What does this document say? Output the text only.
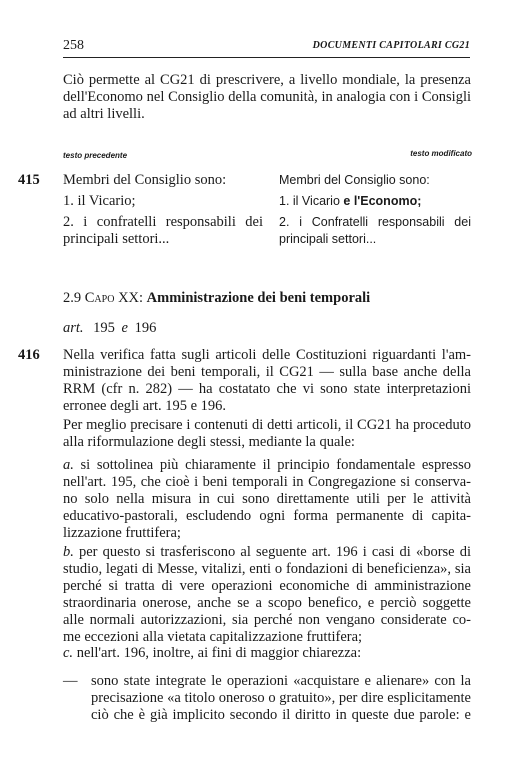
258	DOCUMENTI CAPITOLARI CG21
Ciò permette al CG21 di prescrivere, a livello mondiale, la presenza
dell'Economo nel Consiglio della comunità, in analogia con i Consigli
ad altri livelli.
testo precedente	testo modificato
415 Membri del Consiglio sono:
1. il Vicario;
2. i confratelli responsabili dei
principali settori...
Membri del Consiglio sono:
1. il Vicario e l'Economo;
2. i Confratelli responsabili dei
principali settori...
2.9 Capo XX: Amministrazione dei beni temporali
art. 195 e 196
416 Nella verifica fatta sugli articoli delle Costituzioni riguardanti l'am-
ministrazione dei beni temporali, il CG21 — sulla base anche della
RRM (cfr n. 282) — ha costatato che vi sono state interpretazioni
erronee degli art. 195 e 196.
Per meglio precisare i contenuti di detti articoli, il CG21 ha proceduto
alla riformulazione degli stessi, mediante la quale:
a. si sottolinea più chiaramente il principio fondamentale espresso
nell'art. 195, che cioè i beni temporali in Congregazione si conserva-
no solo nella misura in cui sono direttamente utili per le attività
educativo-pastorali, escludendo ogni forma permanente di capita-
lizzazione fruttifera;
b. per questo si trasferiscono al seguente art. 196 i casi di «borse di
studio, legati di Messe, vitalizi, enti o fondazioni di beneficienza», sia
perché si tratta di vere operazioni economiche di amministrazione
straordinaria onerose, anche se a scopo benefico, e perciò soggette
alle normali autorizzazioni, sia perché non vengano considerate co-
me eccezioni alla vietata capitalizzazione fruttifera;
c. nell'art. 196, inoltre, ai fini di maggior chiarezza:
— sono state integrate le operazioni «acquistare e alienare» con la
precisazione «a titolo oneroso o gratuito», per dire esplicitamente
ciò che è già implicito secondo il diritto in queste due parole: e
